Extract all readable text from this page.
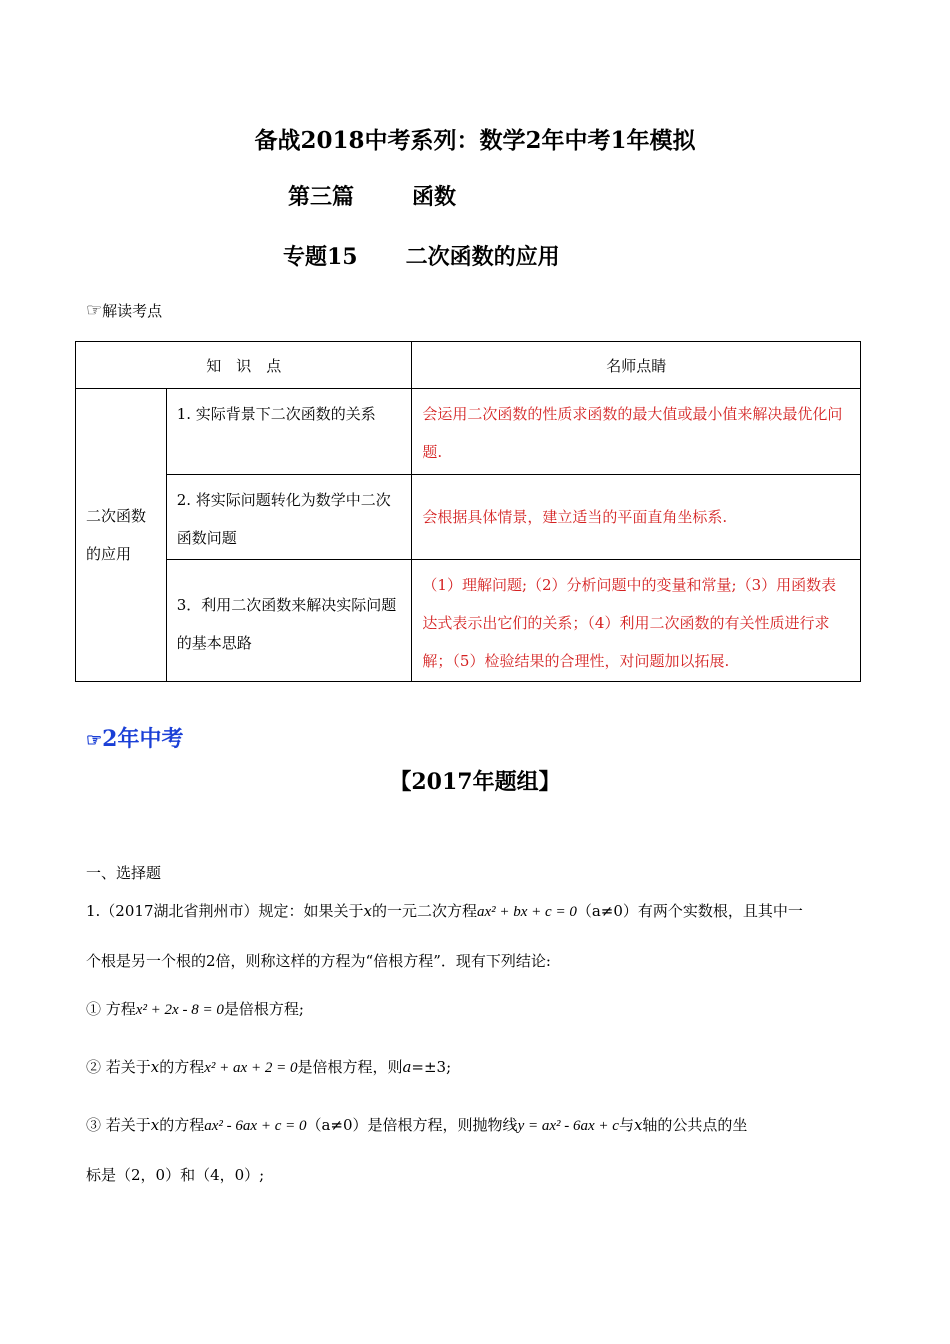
备战2018中考系列：数学2年中考1年模拟
第三篇	函数
专题15 二次函数的应用
☞解读考点
知　识　点		名师点睛
二次函数的应用	1. 实际背景下二次函数的关系	会运用二次函数的性质求函数的最大值或最小值来解决最优化问题.
	2. 将实际问题转化为数学中二次函数问题	会根据具体情景，建立适当的平面直角坐标系.
	3．利用二次函数来解决实际问题的基本思路	（1）理解问题;（2）分析问题中的变量和常量;（3）用函数表达式表示出它们的关系；（4）利用二次函数的有关性质进行求解；（5）检验结果的合理性，对问题加以拓展.
☞2年中考
【2017年题组】
一、选择题
1.（2017湖北省荆州市）规定：如果关于x的一元二次方程ax² + bx + c = 0（a≠0）有两个实数根，且其中一
个根是另一个根的2倍，则称这样的方程为“倍根方程”．现有下列结论:
① 方程x² + 2x - 8 = 0是倍根方程;
② 若关于x的方程x² + ax + 2 = 0是倍根方程，则a=±3;
③ 若关于x的方程ax² - 6ax + c = 0（a≠0）是倍根方程，则抛物线y = ax² - 6ax + c与x轴的公共点的坐
标是（2，0）和（4，0）;
